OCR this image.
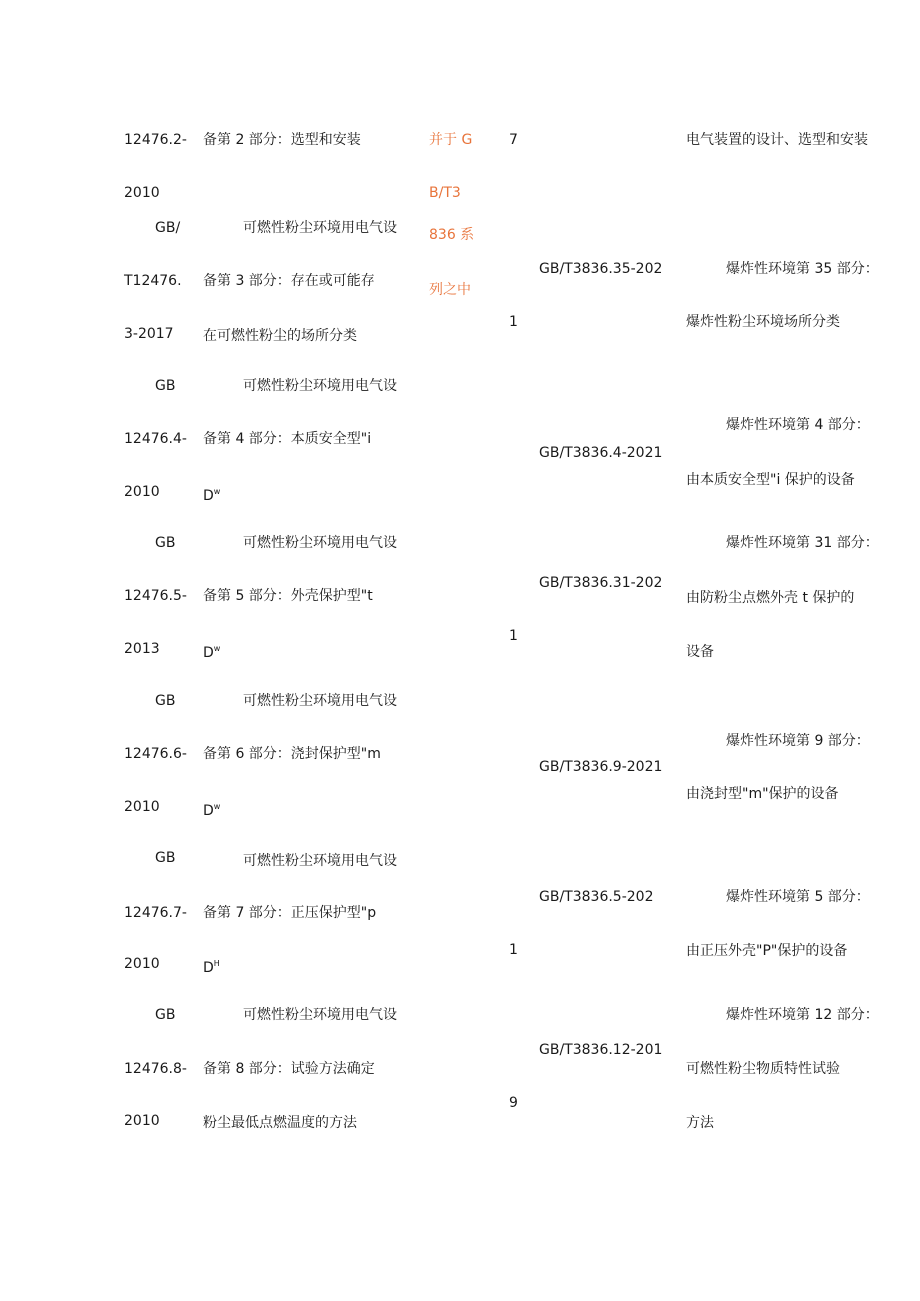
12476.2-
2010
GB/
T12476.
3-2017
GB
12476.4-
2010
GB
12476.5-
2013
GB
12476.6-
2010
GB
12476.7-
2010
GB
12476.8-
2010
备第 2 部分：选型和安装
可燃性粉尘环境用电气设
备第 3 部分：存在或可能存
在可燃性粉尘的场所分类
可燃性粉尘环境用电气设
备第 4 部分：本质安全型"i
$D^w$
可燃性粉尘环境用电气设
备第 5 部分：外壳保护型"t
$D^w$
可燃性粉尘环境用电气设
备第 6 部分：浇封保护型"m
$D^w$
可燃性粉尘环境用电气设
备第 7 部分：正压保护型"p
$D^H$
可燃性粉尘环境用电气设
备第 8 部分：试验方法确定
粉尘最低点燃温度的方法
并于 G
B/T3
836 系
列之中
7
1
1
1
9
GB/T3836.35-202
GB/T3836.4-2021
GB/T3836.31-202
GB/T3836.9-2021
GB/T3836.5-202
GB/T3836.12-201
电气装置的设计、选型和安装
爆炸性环境第 35 部分：
爆炸性粉尘环境场所分类
爆炸性环境第 4 部分：
由本质安全型"i 保护的设备
爆炸性环境第 31 部分：
由防粉尘点燃外壳 t 保护的
设备
爆炸性环境第 9 部分：
由浇封型"m"保护的设备
爆炸性环境第 5 部分：
由正压外壳"P"保护的设备
爆炸性环境第 12 部分：
可燃性粉尘物质特性试验
方法
